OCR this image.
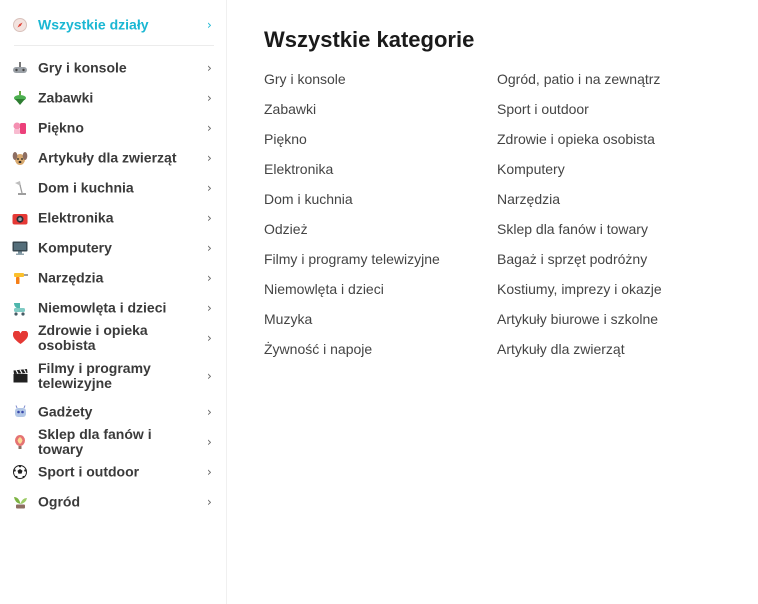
Wszystkie działy	›
Gry i konsole	›
Zabawki	›
Piękno	›
Artykuły dla zwierząt	›
Dom i kuchnia	›
Elektronika	›
Komputery	›
Narzędzia	›
Niemowlęta i dzieci	›
Zdrowie i opieka osobista	›
Filmy i programy telewizyjne	›
Gadżety	›
Sklep dla fanów i towary	›
Sport i outdoor	›
Ogród	›
Wszystkie kategorie
Gry i konsole
Zabawki
Piękno
Elektronika
Dom i kuchnia
Odzież
Filmy i programy telewizyjne
Niemowlęta i dzieci
Muzyka
Żywność i napoje
Ogród, patio i na zewnątrz
Sport i outdoor
Zdrowie i opieka osobista
Komputery
Narzędzia
Sklep dla fanów i towary
Bagaż i sprzęt podróżny
Kostiumy, imprezy i okazje
Artykuły biurowe i szkolne
Artykuły dla zwierząt
